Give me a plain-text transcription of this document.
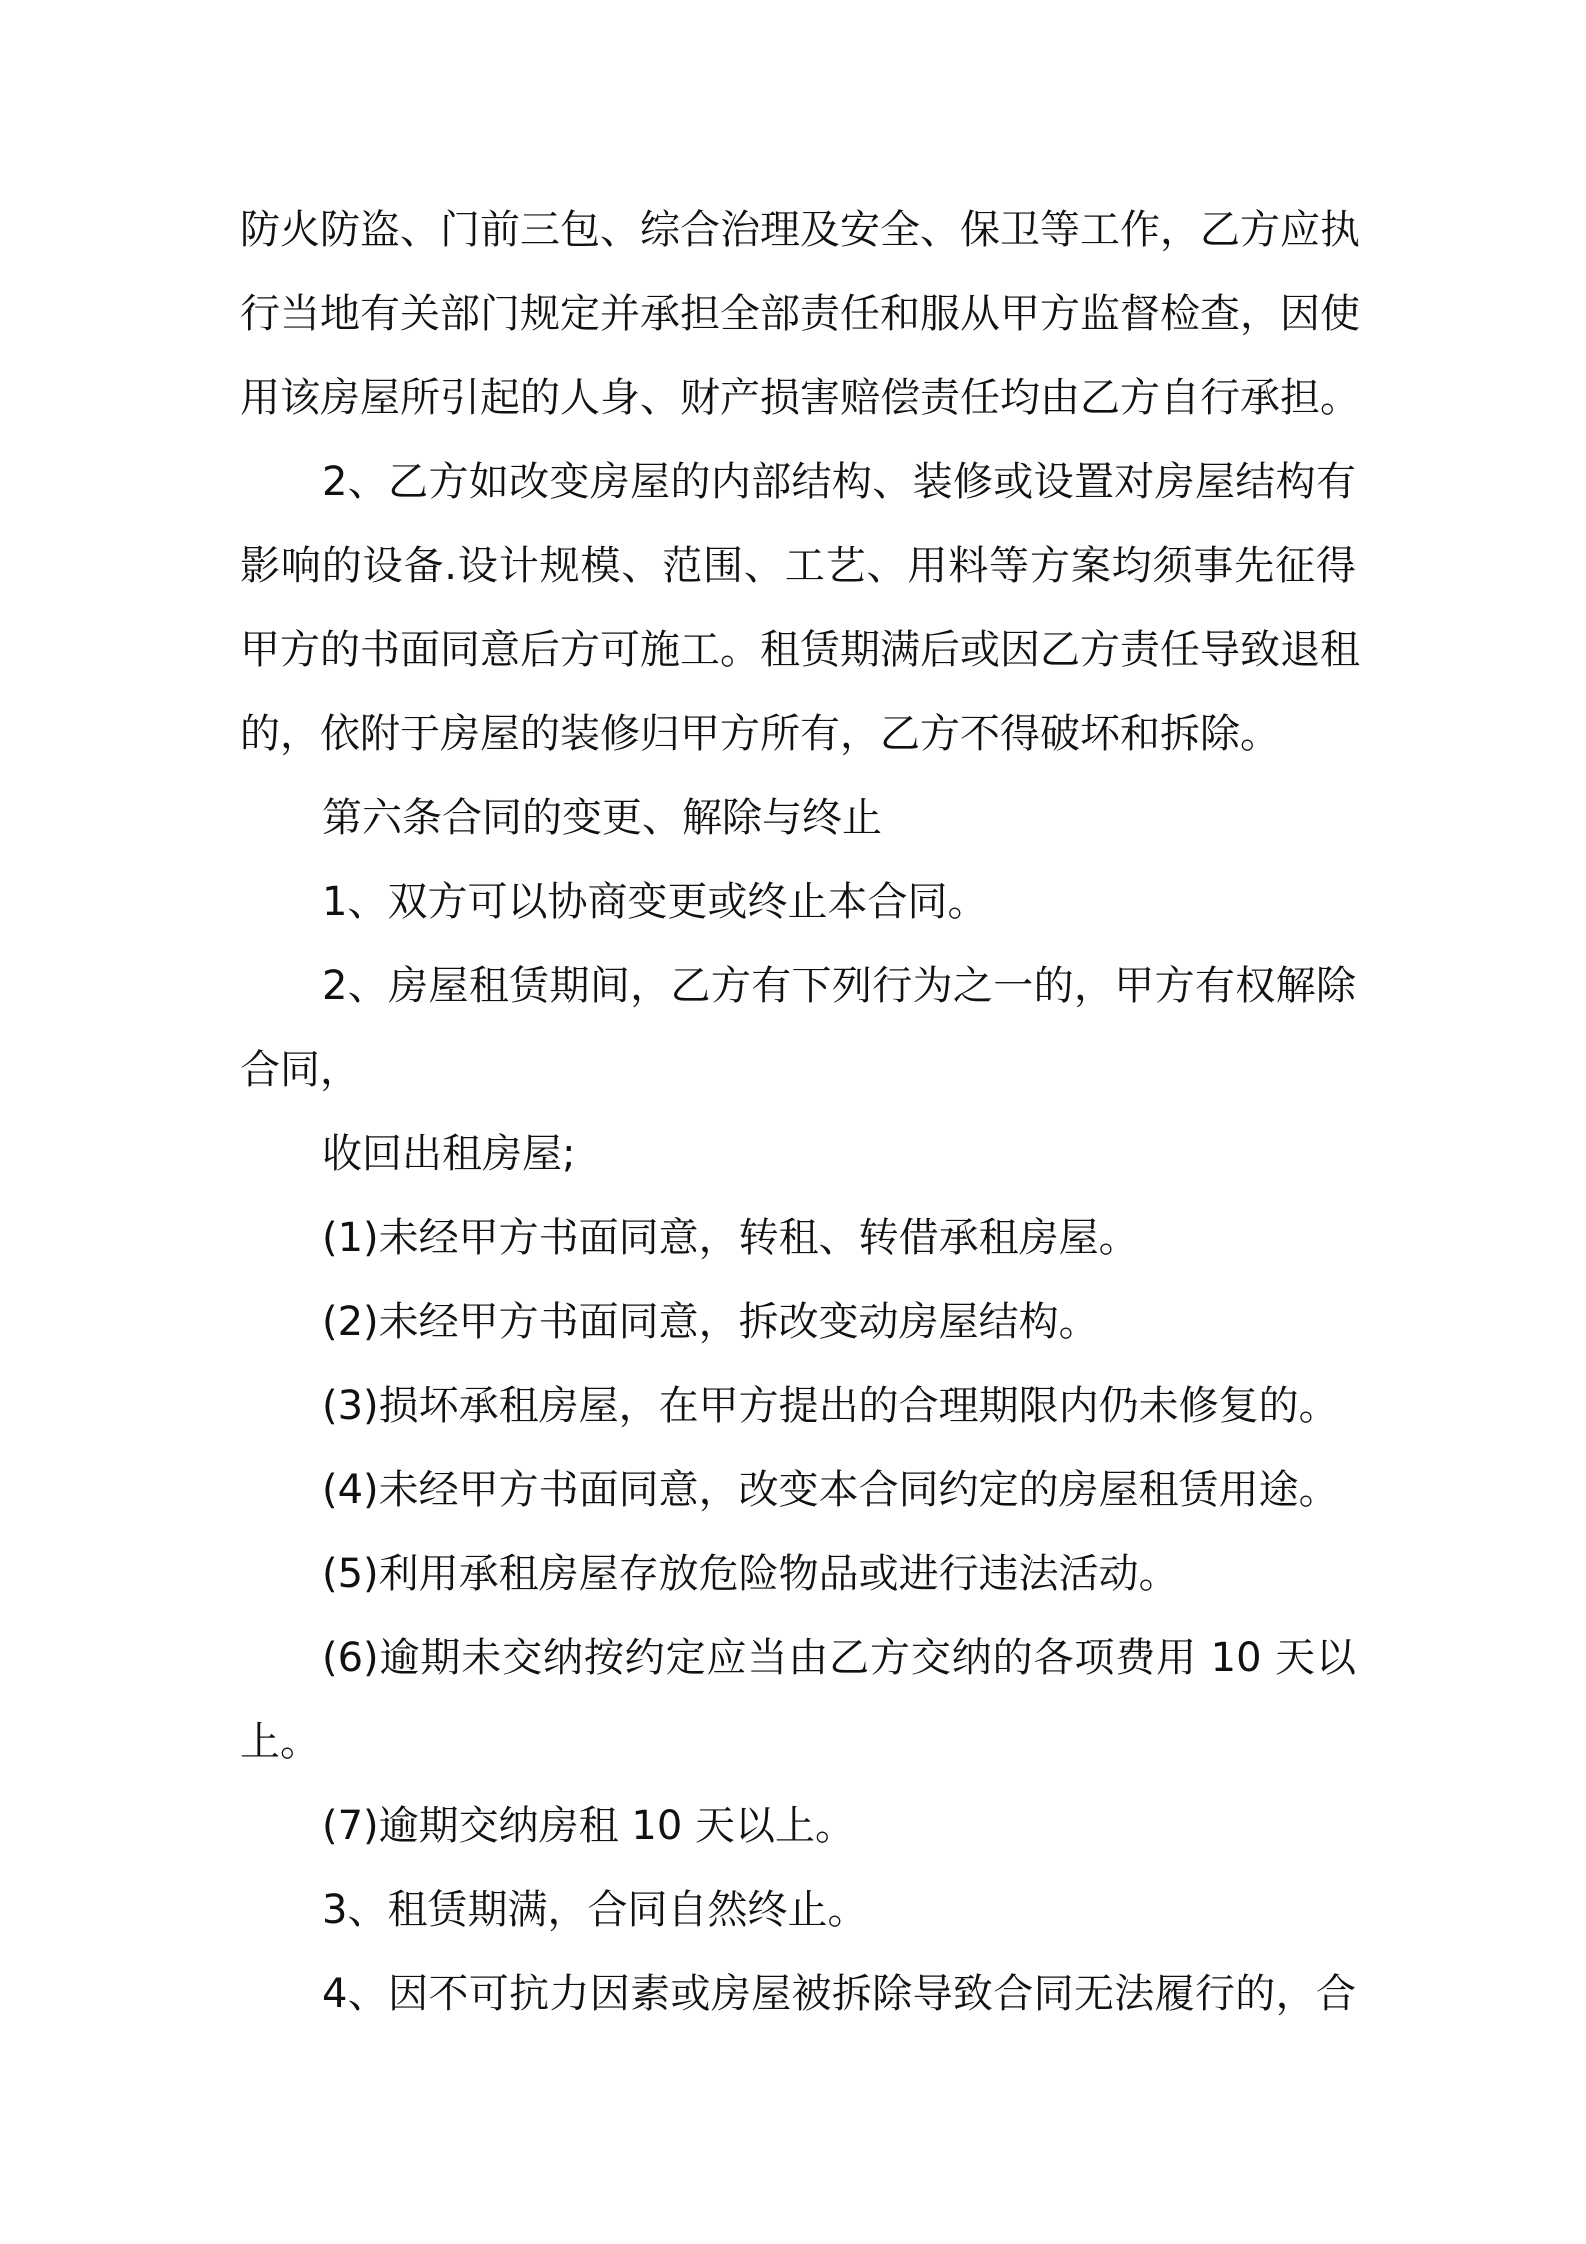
防火防盗、门前三包、综合治理及安全、保卫等工作，乙方应执
行当地有关部门规定并承担全部责任和服从甲方监督检查，因使
用该房屋所引起的人身、财产损害赔偿责任均由乙方自行承担。
2、乙方如改变房屋的内部结构、装修或设置对房屋结构有
影响的设备.设计规模、范围、工艺、用料等方案均须事先征得
甲方的书面同意后方可施工。租赁期满后或因乙方责任导致退租
的，依附于房屋的装修归甲方所有，乙方不得破坏和拆除。
第六条合同的变更、解除与终止
1、双方可以协商变更或终止本合同。
2、房屋租赁期间，乙方有下列行为之一的，甲方有权解除
合同，
收回出租房屋;
(1)未经甲方书面同意，转租、转借承租房屋。
(2)未经甲方书面同意，拆改变动房屋结构。
(3)损坏承租房屋，在甲方提出的合理期限内仍未修复的。
(4)未经甲方书面同意，改变本合同约定的房屋租赁用途。
(5)利用承租房屋存放危险物品或进行违法活动。
(6)逾期未交纳按约定应当由乙方交纳的各项费用 10 天以
上。
(7)逾期交纳房租 10 天以上。
3、租赁期满，合同自然终止。
4、因不可抗力因素或房屋被拆除导致合同无法履行的，合
